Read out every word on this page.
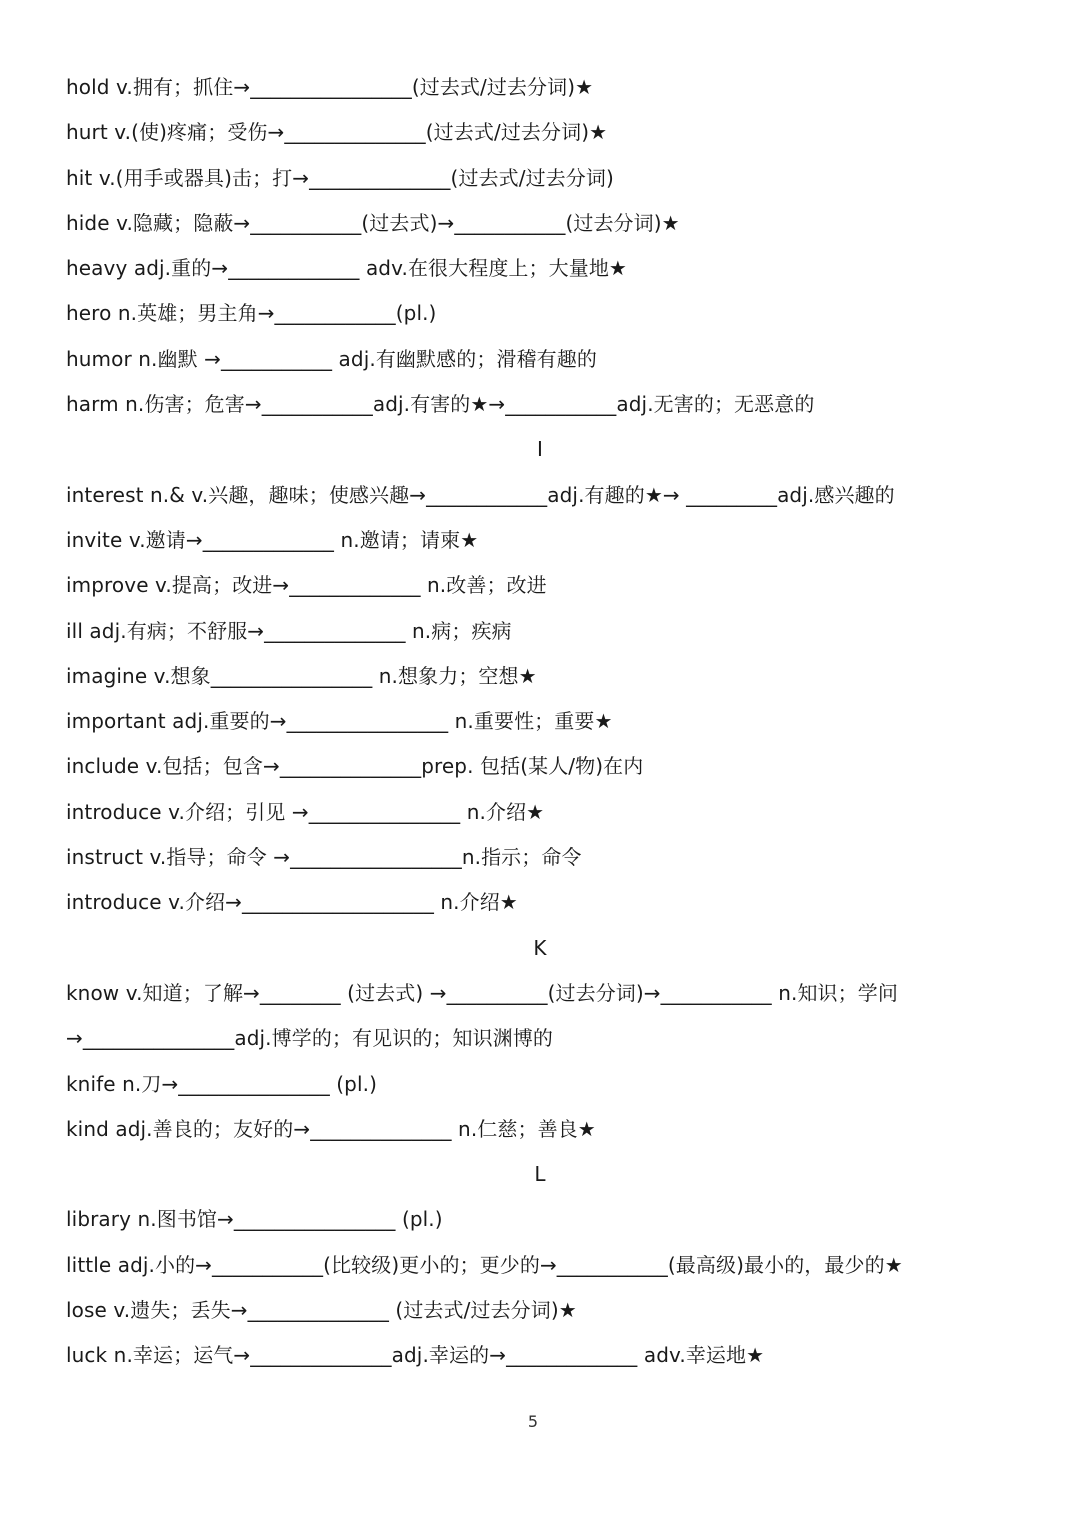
hold v.拥有；抓住→________________(过去式/过去分词)★
hurt v.(使)疼痛；受伤→______________(过去式/过去分词)★
hit v.(用手或器具)击；打→______________(过去式/过去分词)
hide v.隐藏；隐蔽→___________(过去式)→___________(过去分词)★
heavy adj.重的→_____________ adv.在很大程度上；大量地★
hero n.英雄；男主角→____________(pl.)
humor n.幽默 →___________ adj.有幽默感的；滑稽有趣的
harm n.伤害；危害→___________adj.有害的★→___________adj.无害的；无恶意的
I
interest n.& v.兴趣，趣味；使感兴趣→____________adj.有趣的★→ _________adj.感兴趣的
invite v.邀请→_____________ n.邀请；请柬★
improve v.提高；改进→_____________ n.改善；改进
ill adj.有病；不舒服→______________ n.病；疾病
imagine v.想象________________ n.想象力；空想★
important adj.重要的→________________ n.重要性；重要★
include v.包括；包含→______________prep. 包括(某人/物)在内
introduce v.介绍；引见 →_______________ n.介绍★
instruct v.指导；命令 →_________________n.指示；命令
introduce v.介绍→___________________ n.介绍★
K
know v.知道；了解→________ (过去式) →__________(过去分词)→___________ n.知识；学问
→_______________adj.博学的；有见识的；知识渊博的
knife n.刀→_______________ (pl.)
kind adj.善良的；友好的→______________ n.仁慈；善良★
L
library n.图书馆→________________ (pl.)
little adj.小的→___________(比较级)更小的；更少的→___________(最高级)最小的，最少的★
lose v.遗失；丢失→______________ (过去式/过去分词)★
luck n.幸运；运气→______________adj.幸运的→_____________ adv.幸运地★
5
